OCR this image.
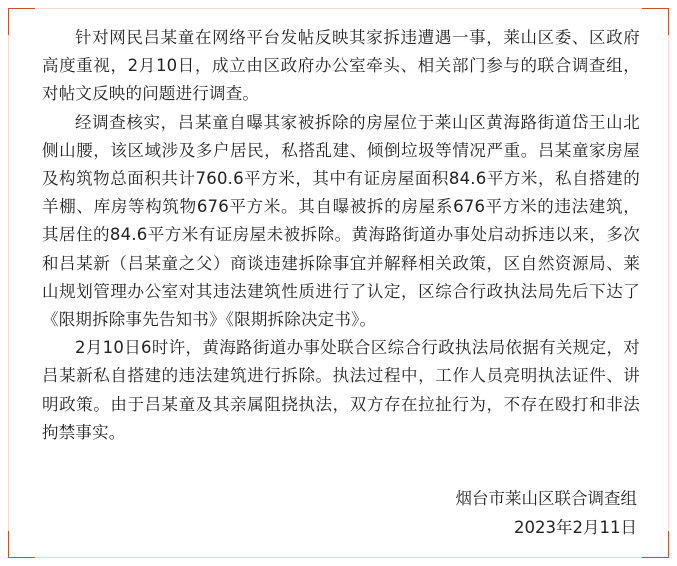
针对网民吕某童在网络平台发帖反映其家拆违遭遇一事，莱山区委、区政府高度重视，2月10日，成立由区政府办公室牵头、相关部门参与的联合调查组，对帖文反映的问题进行调查。

经调查核实，吕某童自曝其家被拆除的房屋位于莱山区黄海路街道岱王山北侧山腰，该区域涉及多户居民，私搭乱建、倾倒垃圾等情况严重。吕某童家房屋及构筑物总面积共计760.6平方米，其中有证房屋面积84.6平方米，私自搭建的羊棚、库房等构筑物676平方米。其自曝被拆的房屋系676平方米的违法建筑，其居住的84.6平方米有证房屋未被拆除。黄海路街道办事处启动拆违以来，多次和吕某新（吕某童之父）商谈违建拆除事宜并解释相关政策，区自然资源局、莱山规划管理办公室对其违法建筑性质进行了认定，区综合行政执法局先后下达了《限期拆除事先告知书》《限期拆除决定书》。

2月10日6时许，黄海路街道办事处联合区综合行政执法局依据有关规定，对吕某新私自搭建的违法建筑进行拆除。执法过程中，工作人员亮明执法证件、讲明政策。由于吕某童及其亲属阻挠执法，双方存在拉扯行为，不存在殴打和非法拘禁事实。

烟台市莱山区联合调查组
2023年2月11日
